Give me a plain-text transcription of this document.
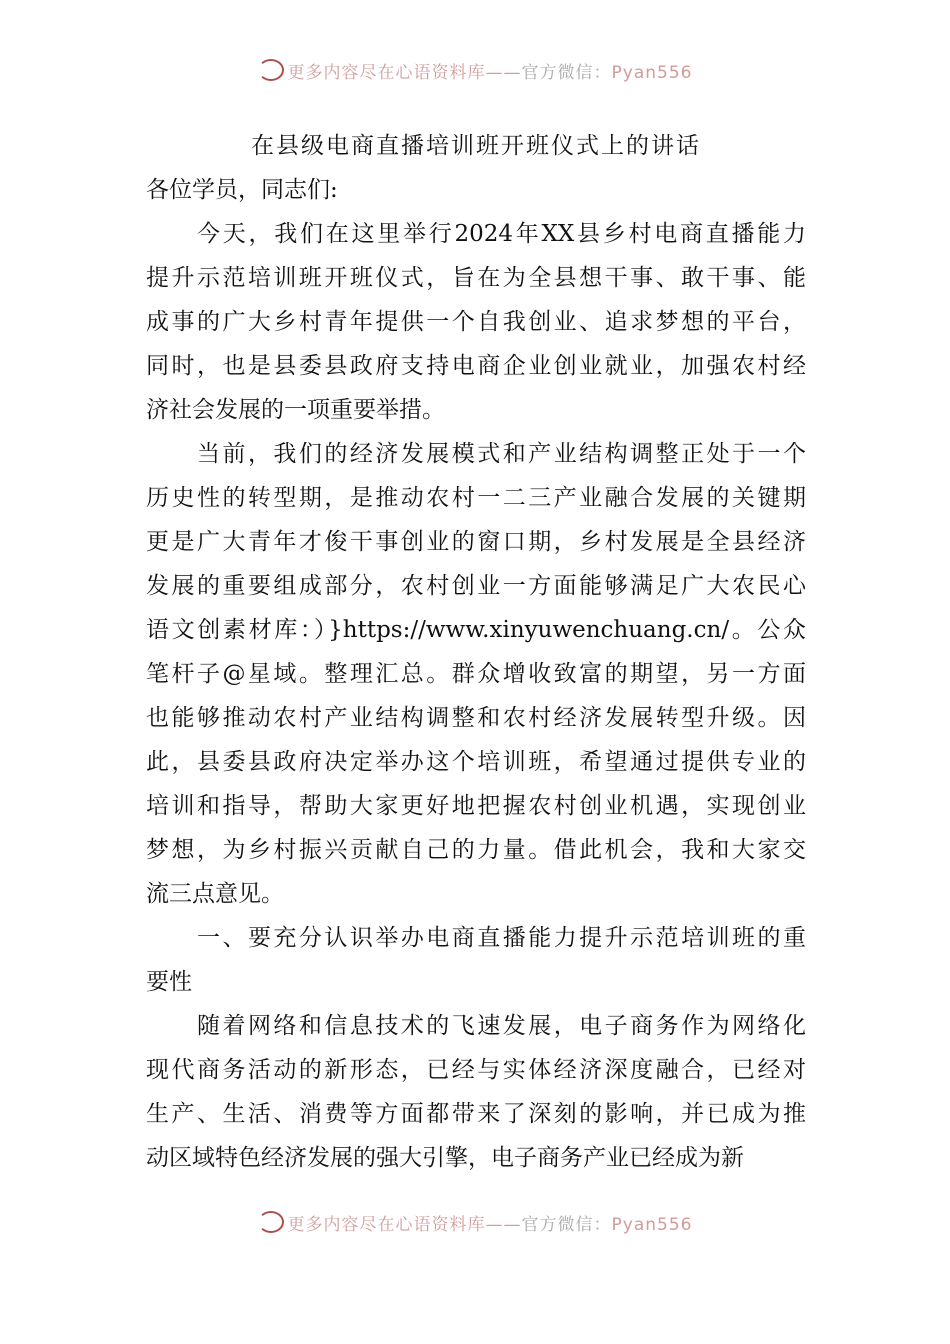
更多内容尽在心语资料库——官方微信：Pyan556
在县级电商直播培训班开班仪式上的讲话
各位学员，同志们:
今天，我们在这里举行2024年XX县乡村电商直播能力
提升示范培训班开班仪式，旨在为全县想干事、敢干事、能
成事的广大乡村青年提供一个自我创业、追求梦想的平台，
同时，也是县委县政府支持电商企业创业就业，加强农村经
济社会发展的一项重要举措。
当前，我们的经济发展模式和产业结构调整正处于一个
历史性的转型期，是推动农村一二三产业融合发展的关键期
更是广大青年才俊干事创业的窗口期，乡村发展是全县经济
发展的重要组成部分，农村创业一方面能够满足广大农民心
语文创素材库：）}https://www.xinyuwenchuang.cn/。公众
笔杆子@星域。整理汇总。群众增收致富的期望，另一方面
也能够推动农村产业结构调整和农村经济发展转型升级。因
此，县委县政府决定举办这个培训班，希望通过提供专业的
培训和指导，帮助大家更好地把握农村创业机遇，实现创业
梦想，为乡村振兴贡献自己的力量。借此机会，我和大家交
流三点意见。
一、要充分认识举办电商直播能力提升示范培训班的重
要性
随着网络和信息技术的飞速发展，电子商务作为网络化
现代商务活动的新形态，已经与实体经济深度融合，已经对
生产、生活、消费等方面都带来了深刻的影响，并已成为推
动区域特色经济发展的强大引擎，电子商务产业已经成为新
更多内容尽在心语资料库——官方微信：Pyan556
